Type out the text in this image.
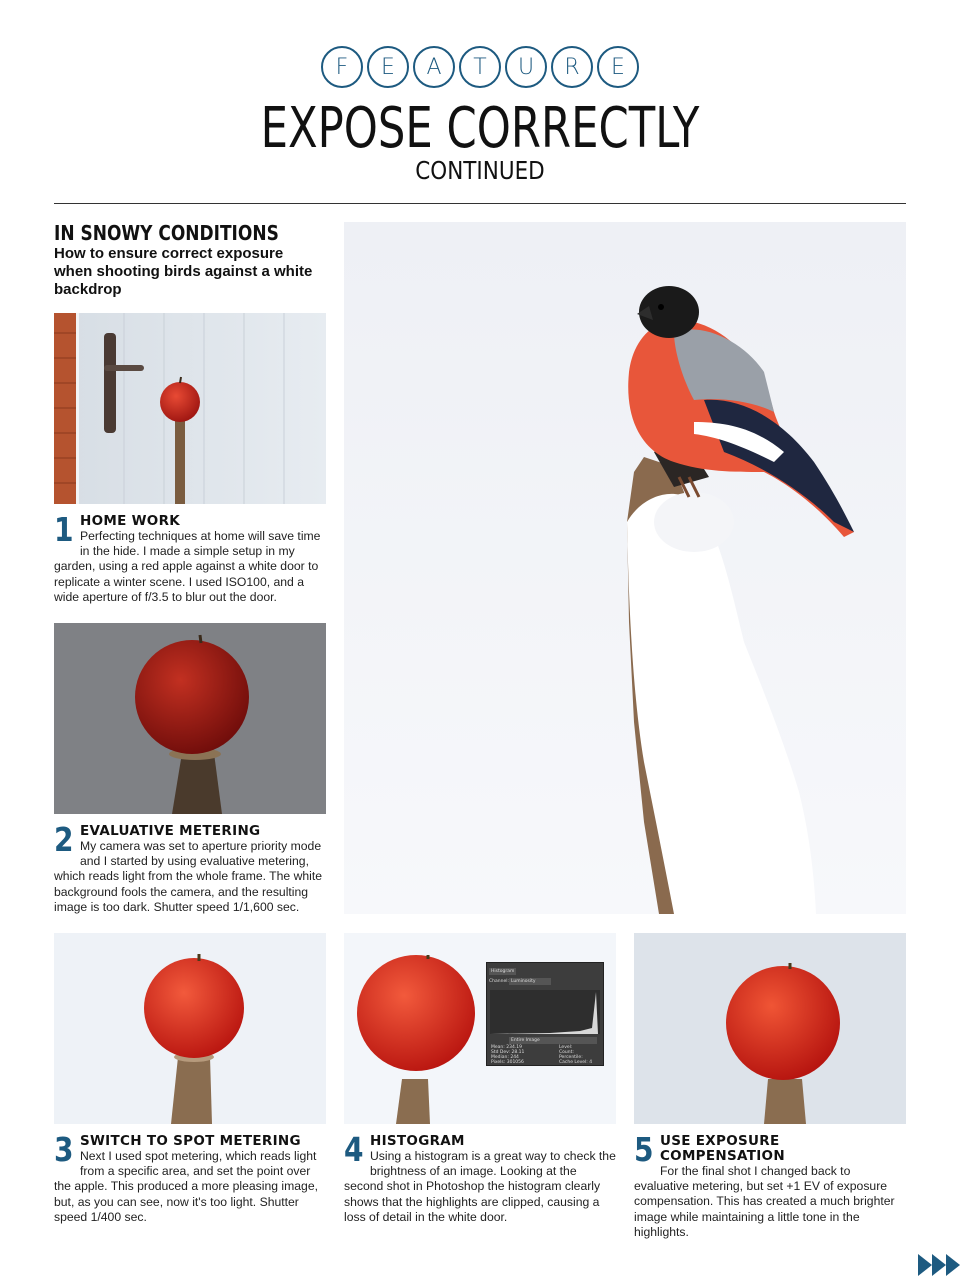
F	E	A	T	U	R	E
EXPOSE CORRECTLY
CONTINUED
IN SNOWY CONDITIONS
How to ensure correct exposure when shooting birds against a white backdrop
1 HOME WORK
Perfecting techniques at home will save time in the hide. I made a simple setup in my garden, using a red apple against a white door to replicate a winter scene. I used ISO100, and a wide aperture of f/3.5 to blur out the door.
2 EVALUATIVE METERING
My camera was set to aperture priority mode and I started by using evaluative metering, which reads light from the whole frame. The white background fools the camera, and the resulting image is too dark. Shutter speed 1/1,600 sec.
3 SWITCH TO SPOT METERING
Next I used spot metering, which reads light from a specific area, and set the point over the apple. This produced a more pleasing image, but, as you can see, now it's too light. Shutter speed 1/400 sec.
Histogram
Channel: Luminosity
Entire Image
Mean: 234.19
Std Dev: 28.11
Median: 244
Pixels: 301056
Level:
Count:
Percentile:
Cache Level: 4
4 HISTOGRAM
Using a histogram is a great way to check the brightness of an image. Looking at the second shot in Photoshop the histogram clearly shows that the highlights are clipped, causing a loss of detail in the white door.
5 USE EXPOSURE COMPENSATION
For the final shot I changed back to evaluative metering, but set +1 EV of exposure compensation. This has created a much brighter image while maintaining a little tone in the highlights.
